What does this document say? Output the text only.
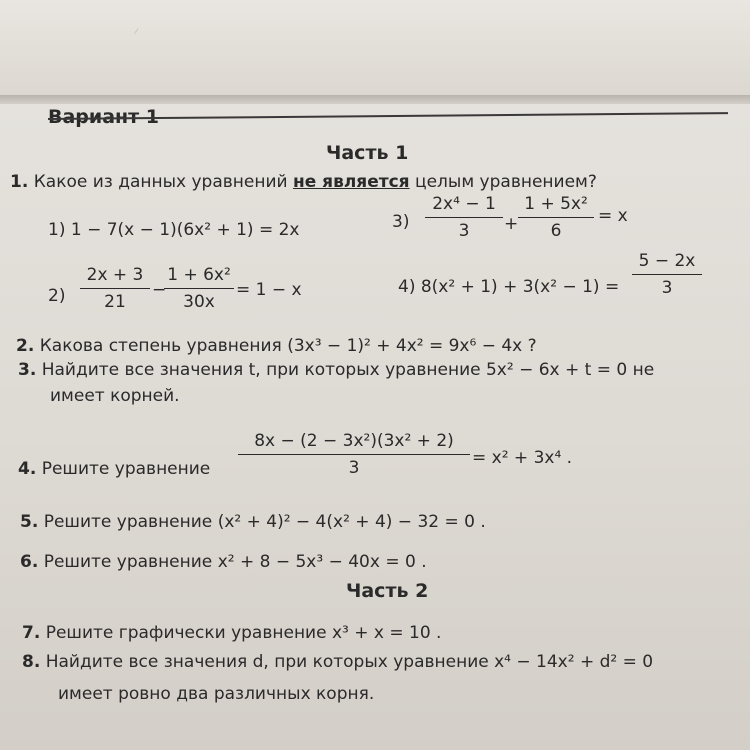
~
Вариант 1
Часть 1
1. Какое из данных уравнений не является целым уравнением?
1) 1 − 7(x − 1)(6x² + 1) = 2x	3)
2x⁴ − 1
3	+
1 + 5x²
6
= x
2)
2x + 3
21
−
1 + 6x²
30x
= 1 − x	4) 8(x² + 1) + 3(x² − 1) =
5 − 2x
3
2. Какова степень уравнения (3x³ − 1)² + 4x² = 9x⁶ − 4x ?
3. Найдите все значения t, при которых уравнение 5x² − 6x + t = 0 не
имеет корней.
4. Решите уравнение
8x − (2 − 3x²)(3x² + 2)
3	= x² + 3x⁴ .
5. Решите уравнение (x² + 4)² − 4(x² + 4) − 32 = 0 .
6. Решите уравнение x² + 8 − 5x³ − 40x = 0 .
Часть 2
7. Решите графически уравнение x³ + x = 10 .
8. Найдите все значения d, при которых уравнение x⁴ − 14x² + d² = 0
имеет ровно два различных корня.
